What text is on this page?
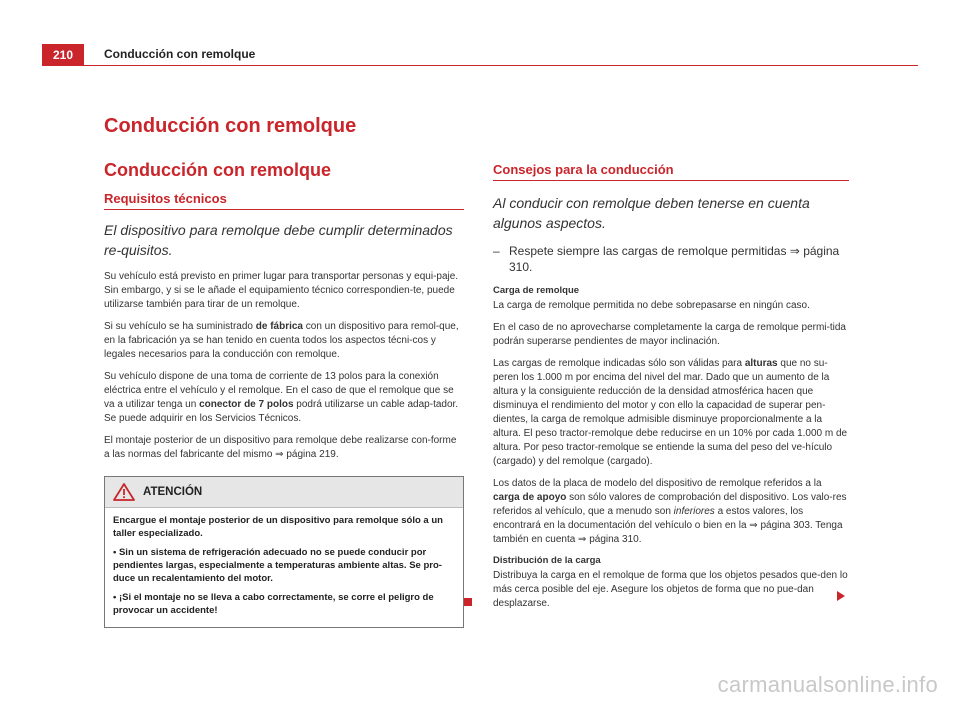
210	Conducción con remolque
Conducción con remolque
Conducción con remolque
Requisitos técnicos
El dispositivo para remolque debe cumplir determinados re-quisitos.

Su vehículo está previsto en primer lugar para transportar personas y equi-paje. Sin embargo, y si se le añade el equipamiento técnico correspondien-te, puede utilizarse también para tirar de un remolque.

Si su vehículo se ha suministrado de fábrica con un dispositivo para remol-que, en la fabricación ya se han tenido en cuenta todos los aspectos técni-cos y legales necesarios para la conducción con remolque.

Su vehículo dispone de una toma de corriente de 13 polos para la conexión eléctrica entre el vehículo y el remolque. En el caso de que el remolque que se va a utilizar tenga un conector de 7 polos podrá utilizarse un cable adap-tador. Se puede adquirir en los Servicios Técnicos.

El montaje posterior de un dispositivo para remolque debe realizarse con-forme a las normas del fabricante del mismo ⇒ página 219.

ATENCIÓN

Encargue el montaje posterior de un dispositivo para remolque sólo a un taller especializado.

• Sin un sistema de refrigeración adecuado no se puede conducir por pendientes largas, especialmente a temperaturas ambiente altas. Se pro-duce un recalentamiento del motor.

• ¡Si el montaje no se lleva a cabo correctamente, se corre el peligro de provocar un accidente!

Consejos para la conducción
Al conducir con remolque deben tenerse en cuenta algunos aspectos.
– Respete siempre las cargas de remolque permitidas ⇒ página 310.
Carga de remolque

La carga de remolque permitida no debe sobrepasarse en ningún caso.

En el caso de no aprovecharse completamente la carga de remolque permi-tida podrán superarse pendientes de mayor inclinación.

Las cargas de remolque indicadas sólo son válidas para alturas que no su-peren los 1.000 m por encima del nivel del mar. Dado que un aumento de la altura y la consiguiente reducción de la densidad atmosférica hacen que disminuya el rendimiento del motor y con ello la capacidad de superar pen-dientes, la carga de remolque admisible disminuye proporcionalmente a la altura. El peso tractor-remolque debe reducirse en un 10% por cada 1.000 m de altura. Por peso tractor-remolque se entiende la suma del peso del ve-hículo (cargado) y del remolque (cargado).

Los datos de la placa de modelo del dispositivo de remolque referidos a la carga de apoyo son sólo valores de comprobación del dispositivo. Los valo-res referidos al vehículo, que a menudo son inferiores a estos valores, los encontrará en la documentación del vehículo o bien en la ⇒ página 303. Tenga también en cuenta ⇒ página 310.

Distribución de la carga

Distribuya la carga en el remolque de forma que los objetos pesados que-den lo más cerca posible del eje. Asegure los objetos de forma que no pue-dan desplazarse.

carmanualsonline.info
